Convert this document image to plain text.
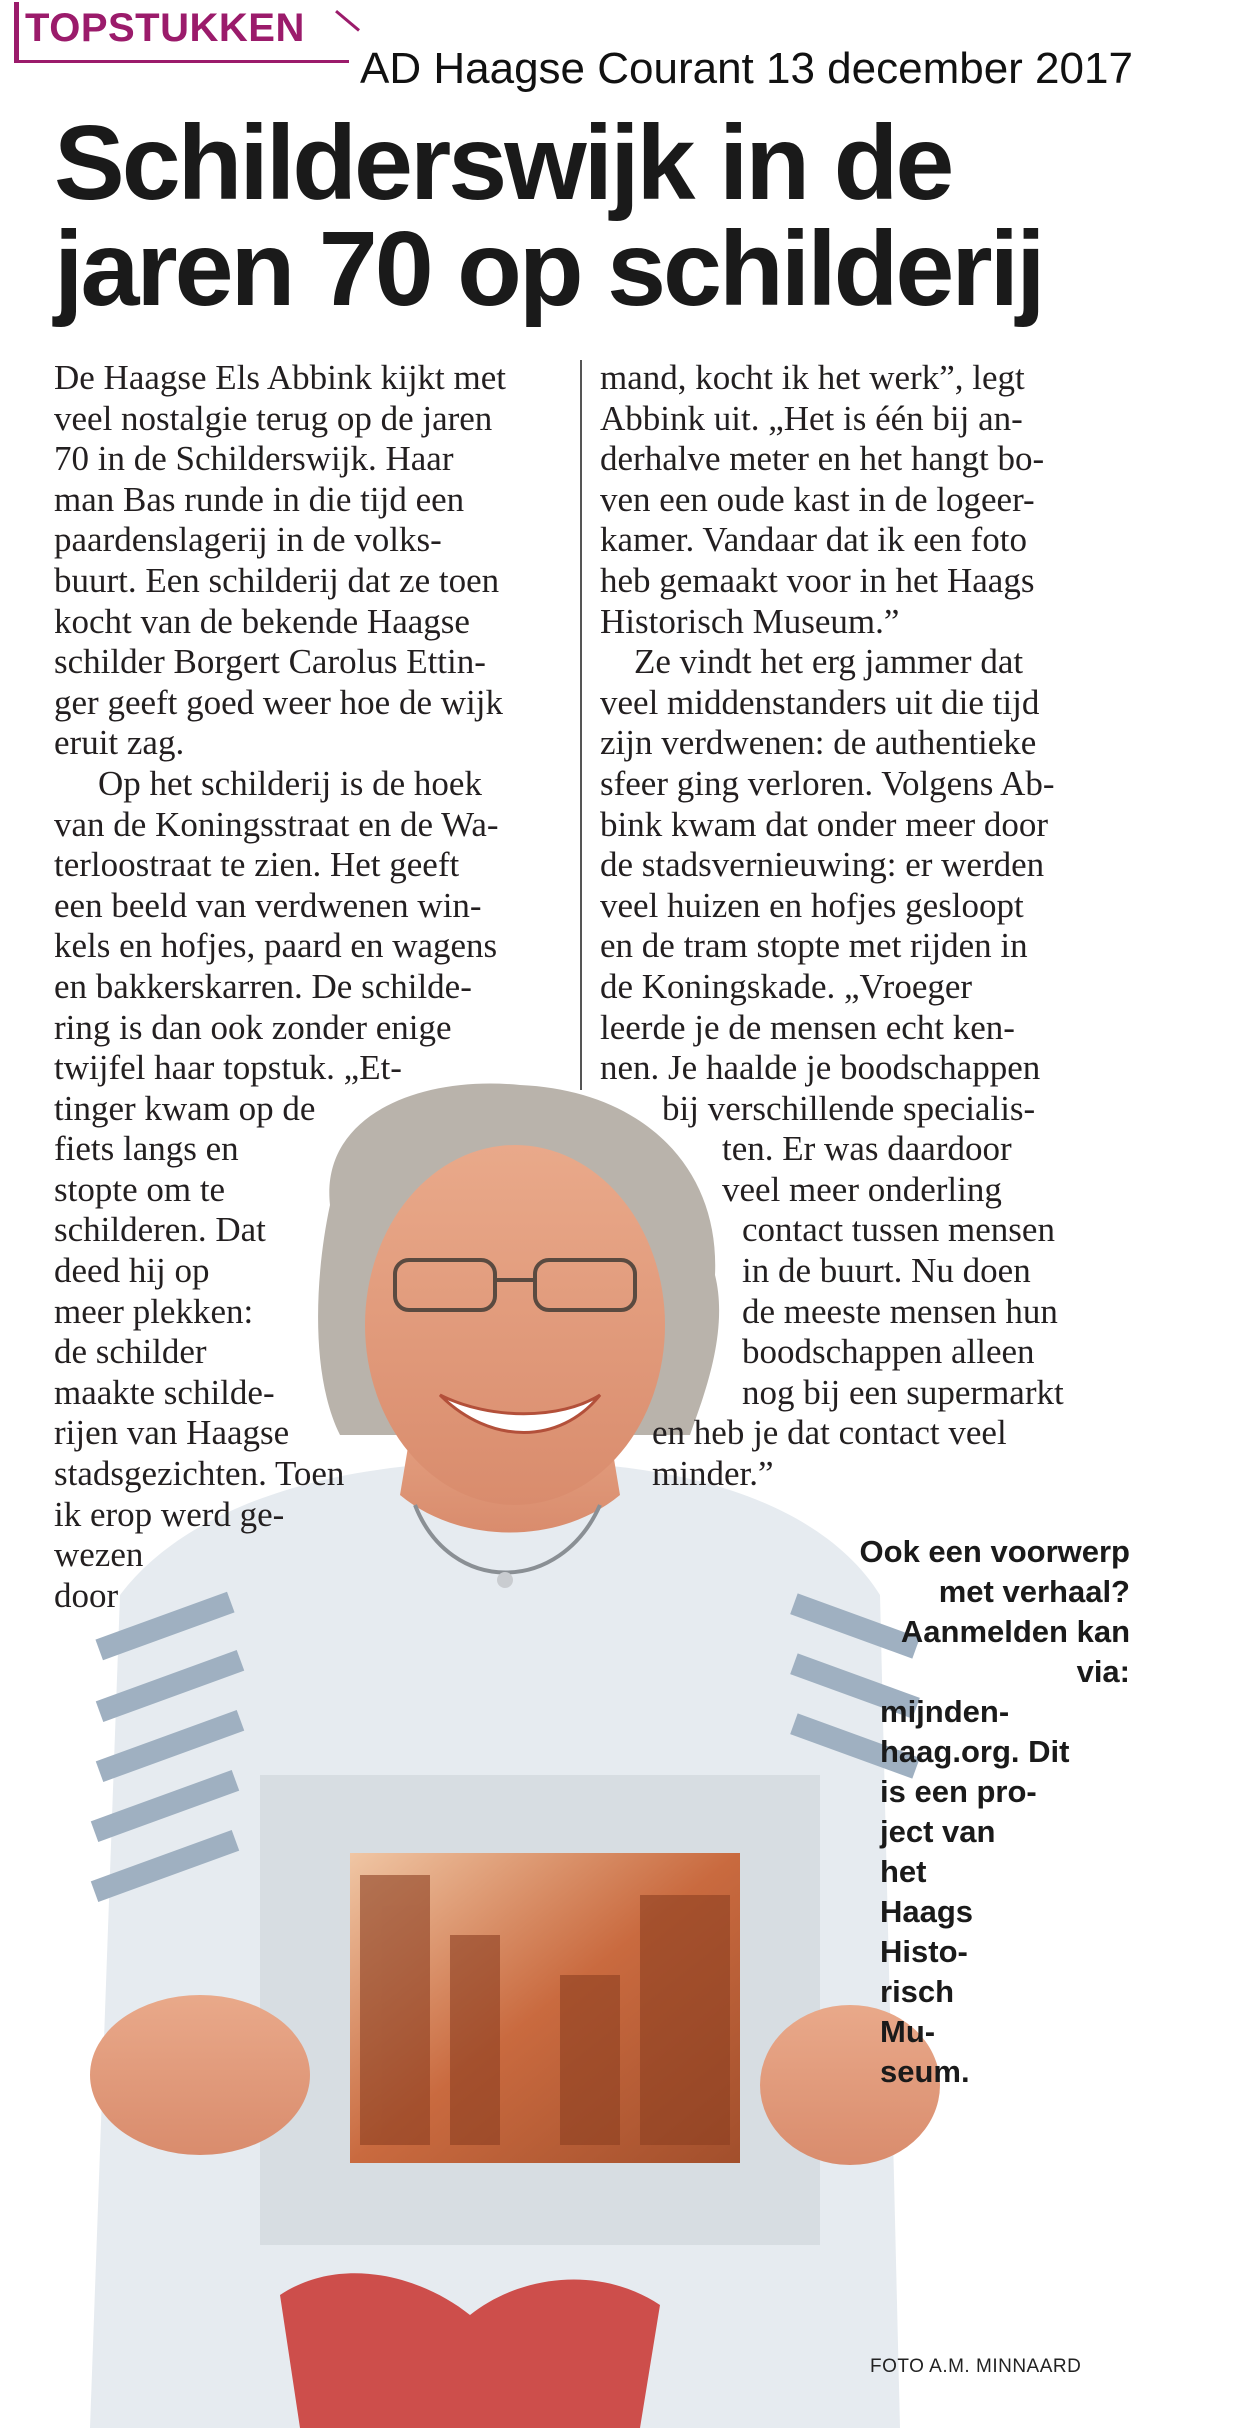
TOPSTUKKEN
AD Haagse Courant 13 december 2017
Schilderswijk in de
jaren 70 op schilderij
De Haagse Els Abbink kijkt met
veel nostalgie terug op de jaren
70 in de Schilderswijk. Haar
man Bas runde in die tijd een
paardenslagerij in de volks-
buurt. Een schilderij dat ze toen
kocht van de bekende Haagse
schilder Borgert Carolus Ettin-
ger geeft goed weer hoe de wijk
eruit zag.
Op het schilderij is de hoek
van de Koningsstraat en de Wa-
terloostraat te zien. Het geeft
een beeld van verdwenen win-
kels en hofjes, paard en wagens
en bakkerskarren. De schilde-
ring is dan ook zonder enige
twijfel haar topstuk. „Et-
tinger kwam op de
fiets langs en
stopte om te
schilderen. Dat
deed hij op
meer plekken:
de schilder
maakte schilde-
rijen van Haagse
stadsgezichten. Toen
ik erop werd ge-
wezen
door
mand, kocht ik het werk”, legt
Abbink uit. „Het is één bij an-
derhalve meter en het hangt bo-
ven een oude kast in de logeer-
kamer. Vandaar dat ik een foto
heb gemaakt voor in het Haags
Historisch Museum.”
Ze vindt het erg jammer dat
veel middenstanders uit die tijd
zijn verdwenen: de authentieke
sfeer ging verloren. Volgens Ab-
bink kwam dat onder meer door
de stadsvernieuwing: er werden
veel huizen en hofjes gesloopt
en de tram stopte met rijden in
de Koningskade. „Vroeger
leerde je de mensen echt ken-
nen. Je haalde je boodschappen
bij verschillende specialis-
ten. Er was daardoor
veel meer onderling
contact tussen mensen
in de buurt. Nu doen
de meeste mensen hun
boodschappen alleen
nog bij een supermarkt
en heb je dat contact veel
minder.”
Ook een voorwerp
met verhaal?
Aanmelden kan
via:
mijnden-
haag.org. Dit
is een pro-
ject van
het
Haags
Histo-
risch
Mu-
seum.
FOTO A.M. MINNAARD
